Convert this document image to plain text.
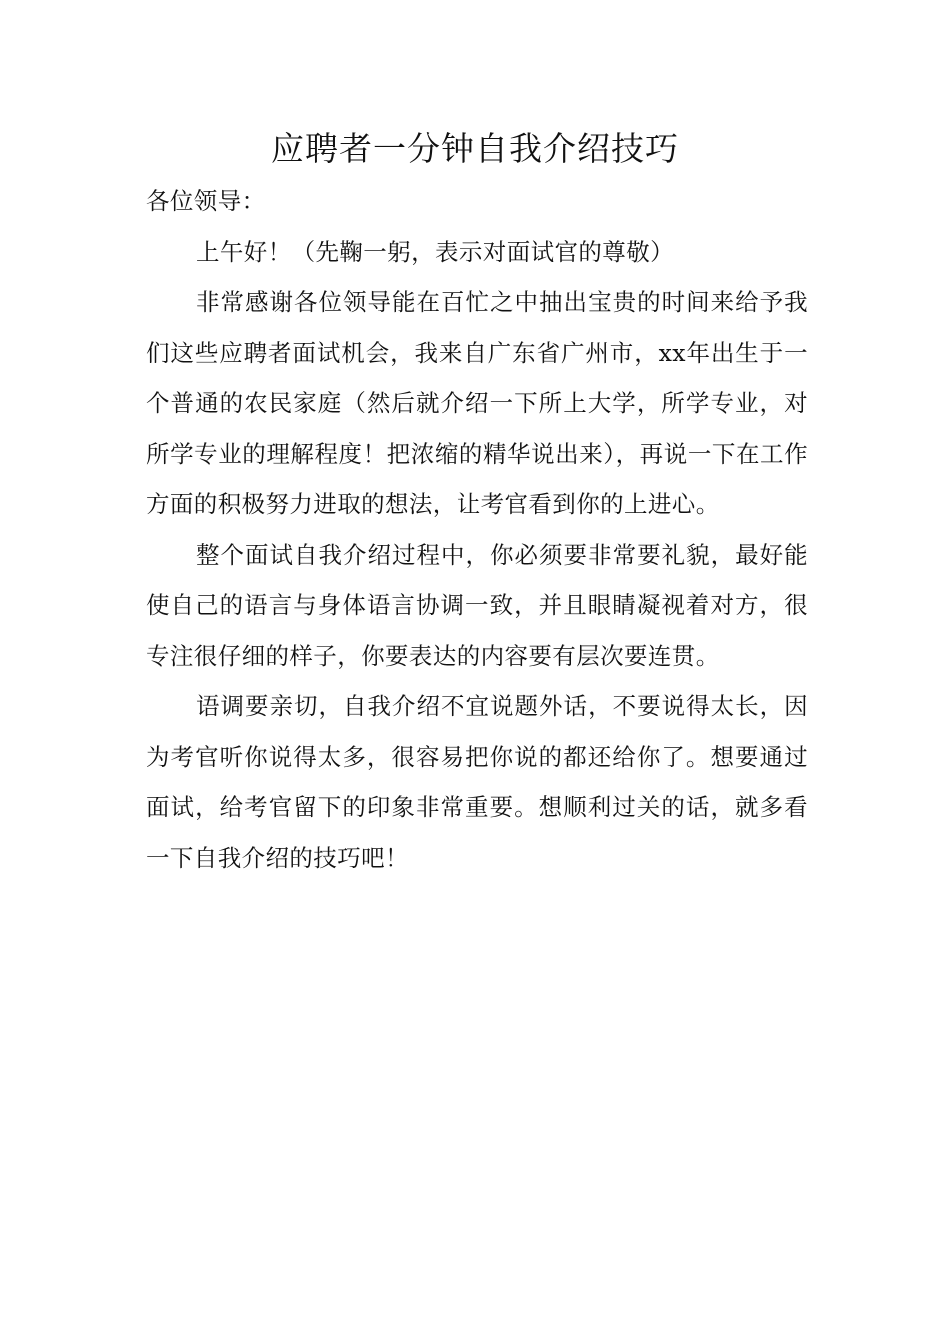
应聘者一分钟自我介绍技巧

各位领导：

上午好！（先鞠一躬，表示对面试官的尊敬）

非常感谢各位领导能在百忙之中抽出宝贵的时间来给予我们这些应聘者面试机会，我来自广东省广州市，xx年出生于一个普通的农民家庭（然后就介绍一下所上大学，所学专业，对所学专业的理解程度！把浓缩的精华说出来），再说一下在工作方面的积极努力进取的想法，让考官看到你的上进心。

整个面试自我介绍过程中，你必须要非常要礼貌，最好能使自己的语言与身体语言协调一致，并且眼睛凝视着对方，很专注很仔细的样子，你要表达的内容要有层次要连贯。

语调要亲切，自我介绍不宜说题外话，不要说得太长，因为考官听你说得太多，很容易把你说的都还给你了。想要通过面试，给考官留下的印象非常重要。想顺利过关的话，就多看一下自我介绍的技巧吧！
